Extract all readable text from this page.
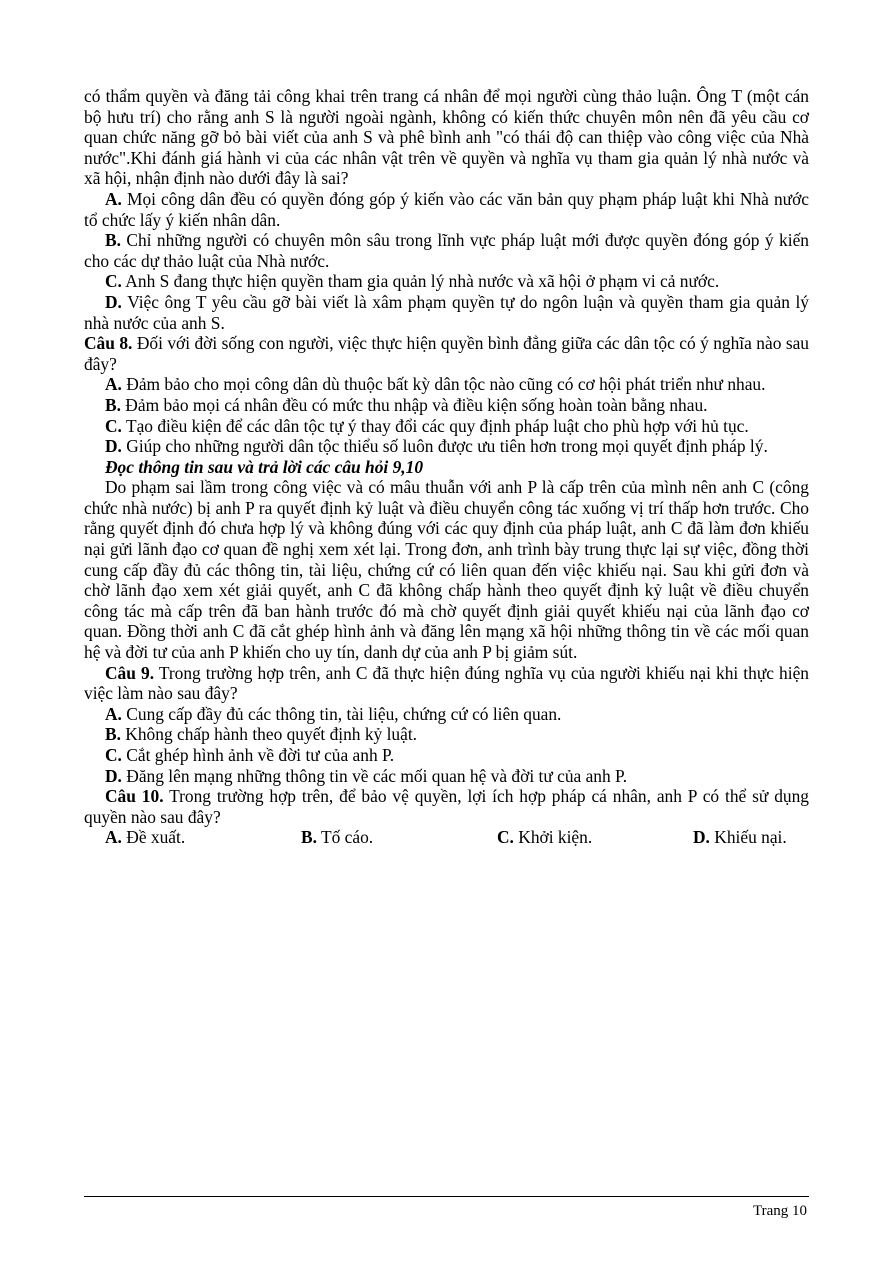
có thẩm quyền và đăng tải công khai trên trang cá nhân để mọi người cùng thảo luận. Ông T (một cán bộ hưu trí) cho rằng anh S là người ngoài ngành, không có kiến thức chuyên môn nên đã yêu cầu cơ quan chức năng gỡ bỏ bài viết của anh S và phê bình anh "có thái độ can thiệp vào công việc của Nhà nước".Khi đánh giá hành vi của các nhân vật trên về quyền và nghĩa vụ tham gia quản lý nhà nước và xã hội, nhận định nào dưới đây là sai?

A. Mọi công dân đều có quyền đóng góp ý kiến vào các văn bản quy phạm pháp luật khi Nhà nước tổ chức lấy ý kiến nhân dân.

B. Chỉ những người có chuyên môn sâu trong lĩnh vực pháp luật mới được quyền đóng góp ý kiến cho các dự thảo luật của Nhà nước.

C. Anh S đang thực hiện quyền tham gia quản lý nhà nước và xã hội ở phạm vi cả nước.

D. Việc ông T yêu cầu gỡ bài viết là xâm phạm quyền tự do ngôn luận và quyền tham gia quản lý nhà nước của anh S.

Câu 8. Đối với đời sống con người, việc thực hiện quyền bình đẳng giữa các dân tộc có ý nghĩa nào sau đây?

A. Đảm bảo cho mọi công dân dù thuộc bất kỳ dân tộc nào cũng có cơ hội phát triển như nhau.

B. Đảm bảo mọi cá nhân đều có mức thu nhập và điều kiện sống hoàn toàn bằng nhau.

C. Tạo điều kiện để các dân tộc tự ý thay đổi các quy định pháp luật cho phù hợp với hủ tục.

D. Giúp cho những người dân tộc thiểu số luôn được ưu tiên hơn trong mọi quyết định pháp lý.

Đọc thông tin sau và trả lời các câu hỏi 9,10

Do phạm sai lầm trong công việc và có mâu thuẫn với anh P là cấp trên của mình nên anh C (công chức nhà nước) bị anh P ra quyết định kỷ luật và điều chuyển công tác xuống vị trí thấp hơn trước. Cho rằng quyết định đó chưa hợp lý và không đúng với các quy định của pháp luật, anh C đã làm đơn khiếu nại gửi lãnh đạo cơ quan đề nghị xem xét lại. Trong đơn, anh trình bày trung thực lại sự việc, đồng thời cung cấp đầy đủ các thông tin, tài liệu, chứng cứ có liên quan đến việc khiếu nại. Sau khi gửi đơn và chờ lãnh đạo xem xét giải quyết, anh C đã không chấp hành theo quyết định kỷ luật về điều chuyển công tác mà cấp trên đã ban hành trước đó mà chờ quyết định giải quyết khiếu nại của lãnh đạo cơ quan. Đồng thời anh C đã cắt ghép hình ảnh và đăng lên mạng xã hội những thông tin về các mối quan hệ và đời tư của anh P khiến cho uy tín, danh dự của anh P bị giảm sút.

Câu 9. Trong trường hợp trên, anh C đã thực hiện đúng nghĩa vụ của người khiếu nại khi thực hiện việc làm nào sau đây?

A. Cung cấp đầy đủ các thông tin, tài liệu, chứng cứ có liên quan.

B. Không chấp hành theo quyết định kỷ luật.

C. Cắt ghép hình ảnh về đời tư của anh P.

D. Đăng lên mạng những thông tin về các mối quan hệ và đời tư của anh P.

Câu 10. Trong trường hợp trên, để bảo vệ quyền, lợi ích hợp pháp cá nhân, anh P có thể sử dụng quyền nào sau đây?

A. Đề xuất.	B. Tố cáo.	C. Khởi kiện.	D. Khiếu nại.
Trang 10
